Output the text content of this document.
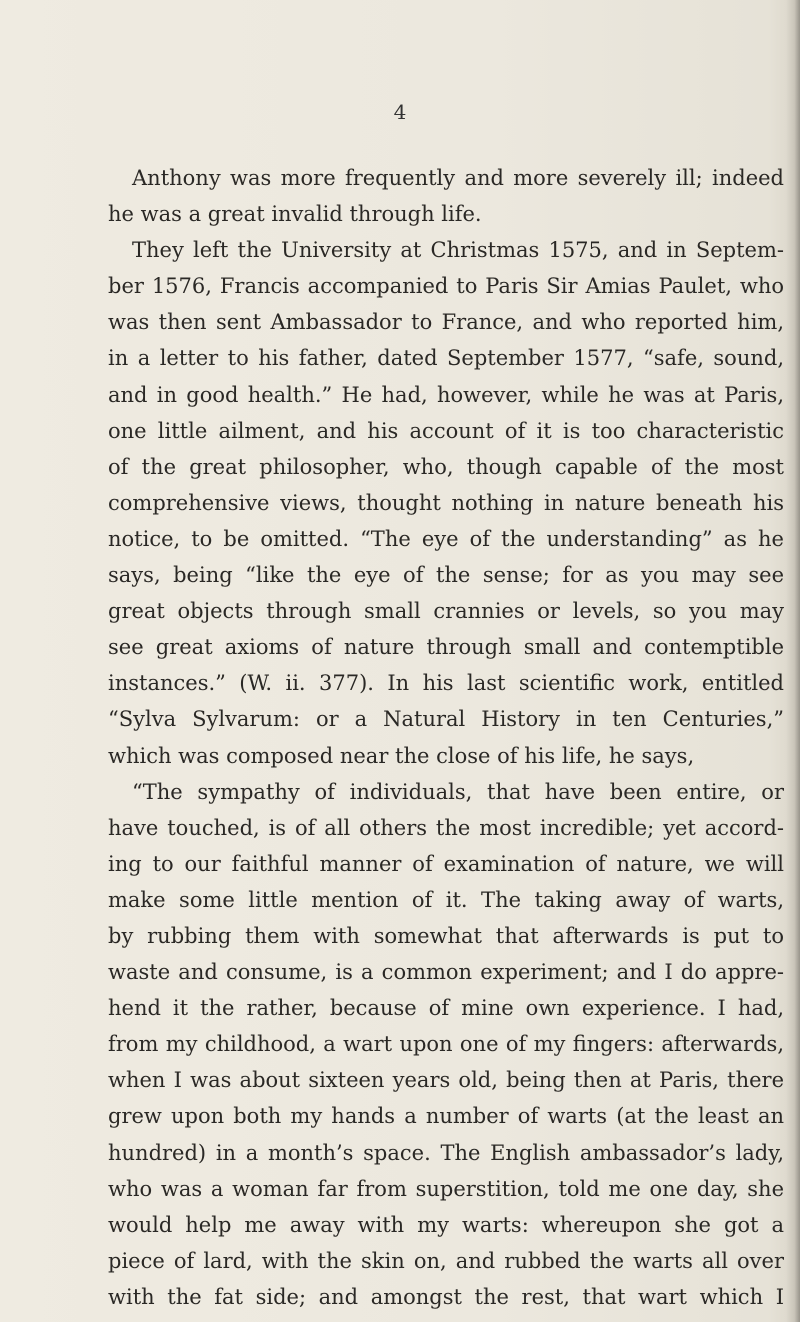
4
Anthony was more frequently and more severely ill; indeed
he was a great invalid through life.
They left the University at Christmas 1575, and in Septem-
ber 1576, Francis accompanied to Paris Sir Amias Paulet, who
was then sent Ambassador to France, and who reported him,
in a letter to his father, dated September 1577, “safe, sound,
and in good health.” He had, however, while he was at Paris,
one little ailment, and his account of it is too characteristic
of the great philosopher, who, though capable of the most
comprehensive views, thought nothing in nature beneath his
notice, to be omitted. “The eye of the understanding” as he
says, being “like the eye of the sense; for as you may see
great objects through small crannies or levels, so you may
see great axioms of nature through small and contemptible
instances.” (W. ii. 377). In his last scientific work, entitled
“Sylva Sylvarum: or a Natural History in ten Centuries,”
which was composed near the close of his life, he says,
“The sympathy of individuals, that have been entire, or
have touched, is of all others the most incredible; yet accord-
ing to our faithful manner of examination of nature, we will
make some little mention of it. The taking away of warts,
by rubbing them with somewhat that afterwards is put to
waste and consume, is a common experiment; and I do appre-
hend it the rather, because of mine own experience. I had,
from my childhood, a wart upon one of my fingers: afterwards,
when I was about sixteen years old, being then at Paris, there
grew upon both my hands a number of warts (at the least an
hundred) in a month’s space. The English ambassador’s lady,
who was a woman far from superstition, told me one day, she
would help me away with my warts: whereupon she got a
piece of lard, with the skin on, and rubbed the warts all over
with the fat side; and amongst the rest, that wart which I
